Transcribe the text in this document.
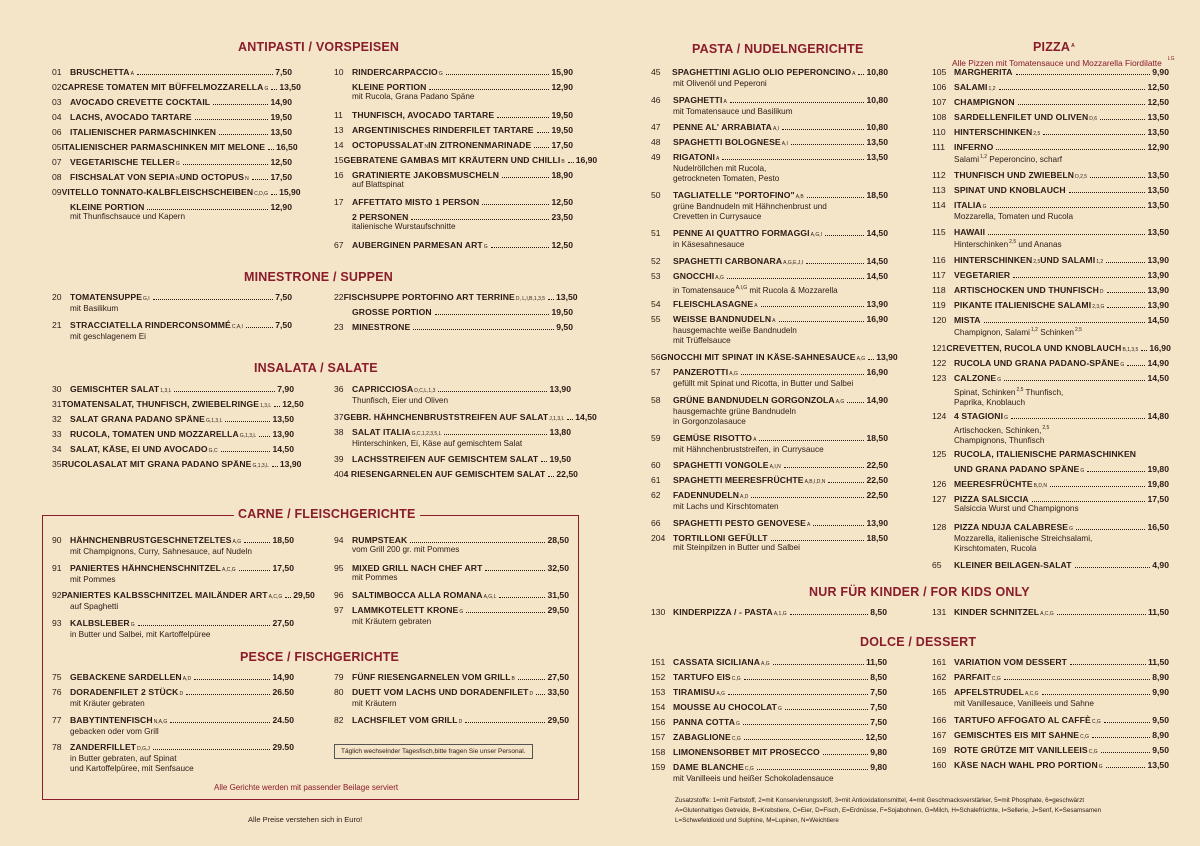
ANTIPASTI / VORSPEISEN
MINESTRONE / SUPPEN
INSALATA / SALATE
CARNE / FLEISCHGERICHTE
PESCE / FISCHGERICHTE
PASTA / NUDELNGERICHTE	$PIZZA^A$
Alle Pizzen mit Tomatensauce und Mozzarella Fiordilatte $^{LG}$
NUR FÜR KINDER / FOR KIDS ONLY
DOLCE / DESSERT
01 BRUSCHETTA A	7,50
02 CAPRESE TOMATEN MIT BÜFFELMOZZARELLA G 13,50
03 AVOCADO CREVETTE COCKTAIL	14,90
04 LACHS, AVOCADO TARTARE	19,50
06 ITALIENISCHER PARMASCHINKEN	13,50
05 ITALIENISCHER PARMASCHINKEN MIT MELONE 16,50
07 VEGETARISCHE TELLER G	12,50
08 FISCHSALAT VON SEPIA N UND OCTOPUS N	17,50
09 VITELLO TONNATO-KALBFLEISCHSCHEIBEN C,D,G 15,90
KLEINE PORTION	12,90
mit Thunfischsauce und Kapern
10 RINDERCARPACCIO G	15,90
KLEINE PORTION	12,90
mit Rucola, Grana Padano Späne
11	THUNFISCH, AVOCADO TARTARE	19,50
13 ARGENTINISCHES RINDERFILET TARTARE 19,50
14 OCTOPUSSALAT N IN ZITRONENMARINADE 17,50
15 GEBRATENE GAMBAS MIT KRÄUTERN UND CHILLI B 16,90
16 GRATINIERTE JAKOBSMUSCHELN	18,90
auf Blattspinat
17 AFFETTATO MISTO 1 PERSON	12,50
2 PERSONEN	23,50
italienische Wurstaufschnitte
67 AUBERGINEN PARMESAN ART G	12,50
20 TOMATENSUPPE G,I	7,50
mit Basilikum
21 STRACCIATELLA RINDERCONSOMMÉ C,A,I	7,50
mit geschlagenem Ei
22 FISCHSUPPE PORTOFINO ART TERRINE D, L,I,B,1,3,5 13,50
GROSSE PORTION	19,50
23 MINESTRONE	9,50
30 GEMISCHTER SALAT 1,3,L	7,90
31 TOMATENSALAT, THUNFISCH, ZWIEBELRINGE 1,3,L 12,50
32 SALAT GRANA PADANO SPÄNE G,1,3,L	13,50
33 RUCOLA, TOMATEN UND MOZZARELLA G,1,3,L 13,90
34 SALAT, KÄSE, EI UND AVOCADO G,C	14,50
35 RUCOLASALAT MIT GRANA PADANO SPÄNE G,1,3,L 13,90
36 CAPRICCIOSA D,C,L,1,3	13,90
Thunfisch, Eier und Oliven
37 GEBR. HÄHNCHENBRUSTSTREIFEN AUF SALAT J,1,3,L 14,50
38 SALAT ITALIA G,C,1,2,3,5,L	13,80
Hinterschinken, Ei, Käse auf gemischtem Salat
39 LACHSSTREIFEN AUF GEMISCHTEM SALAT 19,50
40 4 RIESENGARNELEN AUF GEMISCHTEM SALAT 22,50
90 HÄHNCHENBRUSTGESCHNETZELTES A,G	18,50
mit Champignons, Curry, Sahnesauce, auf Nudeln
91 PANIERTES HÄHNCHENSCHNITZEL A,C,G	17,50
mit Pommes
92 PANIERTES KALBSSCHNITZEL MAILÄNDER ART A,C,G 29,50
auf Spaghetti
93 KALBSLEBER G	27,50
in Butter und Salbei, mit Kartoffelpüree
94 RUMPSTEAK	28,50
vom Grill 200 gr. mit Pommes
95 MIXED GRILL NACH CHEF ART	32,50
mit Pommes
96 SALTIMBOCCA ALLA ROMANA A,G,L	31,50
97 LAMMKOTELETT KRONE G	29,50
mit Kräutern gebraten
75 GEBACKENE SARDELLEN A,D	14,90
76 DORADENFILET 2 STÜCK D	26.50
mit Kräuter gebraten
77 BABYTINTENFISCH N,A,G	24.50
gebacken oder vom Grill
78 ZANDERFILLET D,G,J	29.50
in Butter gebraten, auf Spinat
und Kartoffelpüree, mit Senfsauce
79 FÜNF RIESENGARNELEN VOM GRILL B	27,50
80 DUETT VOM LACHS UND DORADENFILET D 33,50
mit Kräutern
82 LACHSFILET VOM GRILL D	29,50
45	SPAGHETTINI AGLIO OLIO PEPERONCINO A 10,80
mit Olivenöl und Peperoni
46	SPAGHETTI A	10,80
mit Tomatensauce und Basilikum
47	PENNE AL' ARRABIATA A,I	10,80
48	SPAGHETTI BOLOGNESE A,I	13,50
49	RIGATONI A	13,50
Nudelröllchen mit Rucola,
getrockneten Tomaten, Pesto
50	TAGLIATELLE "PORTOFINO" A,B	18,50
grüne Bandnudeln mit Hähnchenbrust und
Crevetten in Currysauce
51	PENNE AI QUATTRO FORMAGGI A,G,I	14,50
in Käsesahnesauce
52	SPAGHETTI CARBONARA A,G,E,J,I	14,50
53	GNOCCHI A,G	14,50
in Tomatensauce$^{A,I,G}$ mit Rucola & Mozzarella
54	FLEISCHLASAGNE A	13,90
55	WEISSE BANDNUDELN A	16,90
hausgemachte weiße Bandnudeln
mit Trüffelsauce
56 GNOCCHI MIT SPINAT IN KÄSE-SAHNESAUCE A,G 13,90
57	PANZEROTTI A,G	16,90
gefüllt mit Spinat und Ricotta, in Butter und Salbei
58	GRÜNE BANDNUDELN GORGONZOLA A,G	14,90
hausgemachte grüne Bandnudeln
in Gorgonzolasauce
59	GEMÜSE RISOTTO A	18,50
mit Hähnchenbruststreifen, in Currysauce
60	SPAGHETTI VONGOLE A,I,N	22,50
61	SPAGHETTI MEERESFRÜCHTE A,B,I,D,N	22,50
62	FADENNUDELN A,D	22,50
mit Lachs und Kirschtomaten
66	SPAGHETTI PESTO GENOVESE A	13,90
204 TORTILLONI GEFÜLLT	18,50
mit Steinpilzen in Butter und Salbei
105 MARGHERITA	9,90
106 SALAMI 1,2	12,50
107 CHAMPIGNON	12,50
108 SARDELLENFILET UND OLIVEN D,6	13,50
110 HINTERSCHINKEN 2,5	13,50
111	INFERNO	12,90
Salami$^{1,2}$ Peperoncino, scharf
112 THUNFISCH UND ZWIEBELN D,2,5	13,50
113 SPINAT UND KNOBLAUCH	13,50
114 ITALIA G	13,50
Mozzarella, Tomaten und Rucola
115 HAWAII	13,50
Hinterschinken$^{2,5}$ und Ananas
116 HINTERSCHINKEN 2,5 UND SALAMI 1,2	13,90
117 VEGETARIER	13,90
118 ARTISCHOCKEN UND THUNFISCH D	13,90
119 PIKANTE ITALIENISCHE SALAMI 2,3,G	13,90
120 MISTA	14,50
Champignon, Salami$^{1,2}$ Schinken$^{2,5}$
121 CREVETTEN, RUCOLA UND KNOBLAUCH B,1,3,5 16,90
122 RUCOLA UND GRANA PADANO-SPÄNE G	14,90
123 CALZONE G	14,50
Spinat, Schinken$^{2,5}$ Thunfisch,
Paprika, Knoblauch
124 4 STAGIONI G	14,80
Artischocken, Schinken,$^{2,5}$
Champignons, Thunfisch
125 RUCOLA, ITALIENISCHE PARMASCHINKEN
UND GRANA PADANO SPÄNE G	19,80
126 MEERESFRÜCHTE B,D,N	19,80
127 PIZZA SALSICCIA	17,50
Salsiccia Wurst und Champignons
128 PIZZA NDUJA CALABRESE G	16,50
Mozzarella, italienische Streichsalami,
Kirschtomaten, Rucola
65	KLEINER BEILAGEN-SALAT	4,90
130 KINDERPIZZA / - PASTA A,1,G	8,50	131 KINDER SCHNITZEL A,C,G	11,50
151 CASSATA SICILIANA A,G	11,50
152 TARTUFO EIS C,G	8,50
153 TIRAMISU A,G	7,50
154 MOUSSE AU CHOCOLAT G	7,50
156 PANNA COTTA G	7,50
157 ZABAGLIONE C,G	12,50
158 LIMONENSORBET MIT PROSECCO	9,80
159 DAME BLANCHE C,G	9,80
mit Vanilleeis und heißer Schokoladensauce
161 VARIATION VOM DESSERT	11,50
162 PARFAIT C,G	8,90
165 APFELSTRUDEL A,C,G	9,90
mit Vanillesauce, Vanilleeis und Sahne
166 TARTUFO AFFOGATO AL CAFFÈ C,G	9,50
167 GEMISCHTES EIS MIT SAHNE C,G	8,90
169 ROTE GRÜTZE MIT VANILLEEIS C,G	9,50
160 KÄSE NACH WAHL PRO PORTION G	13,50
Täglich wechselnder Tagesfisch,bitte fragen Sie unser Personal.
Alle Gerichte werden mit passender Beilage serviert
Alle Preise verstehen sich in Euro!
Zusatzstoffe: 1=mit Farbstoff, 2=mit Konservierungsstoff, 3=mit Antioxidationsmittel, 4=mit Geschmacksverstärker, 5=mit Phosphate, 6=geschwärzt
A=Glutenhaltiges Getreide, B=Krebstiere, C=Eier, D=Fisch, E=Erdnüsse, F=Sojabohnen, G=Milch, H=Schalefrüchte, I=Sellerie, J=Senf, K=Sesamsamen
L=Schwefeldioxid und Sulphine, M=Lupinen, N=Weichtiere
